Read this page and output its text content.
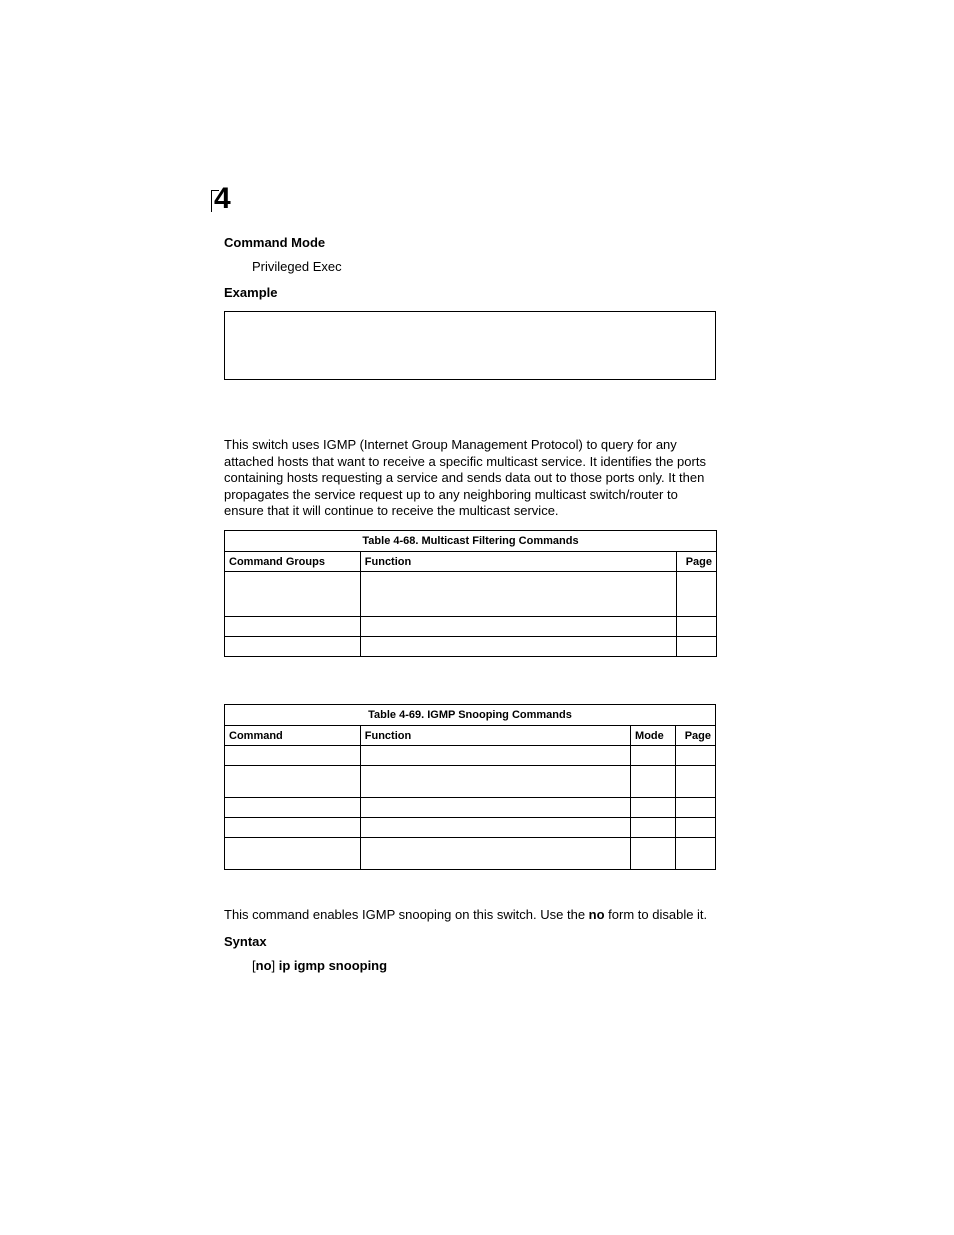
4
Command Mode
Privileged Exec
Example
This switch uses IGMP (Internet Group Management Protocol) to query for any attached hosts that want to receive a specific multicast service. It identifies the ports containing hosts requesting a service and sends data out to those ports only. It then propagates the service request up to any neighboring multicast switch/router to ensure that it will continue to receive the multicast service.
Table 4-68. Multicast Filtering Commands		
Command Groups	Function	Page

Table 4-69. IGMP Snooping Commands			
Command	Function	Mode	Page

This command enables IGMP snooping on this switch. Use the no form to disable it.
Syntax
[no] ip igmp snooping
